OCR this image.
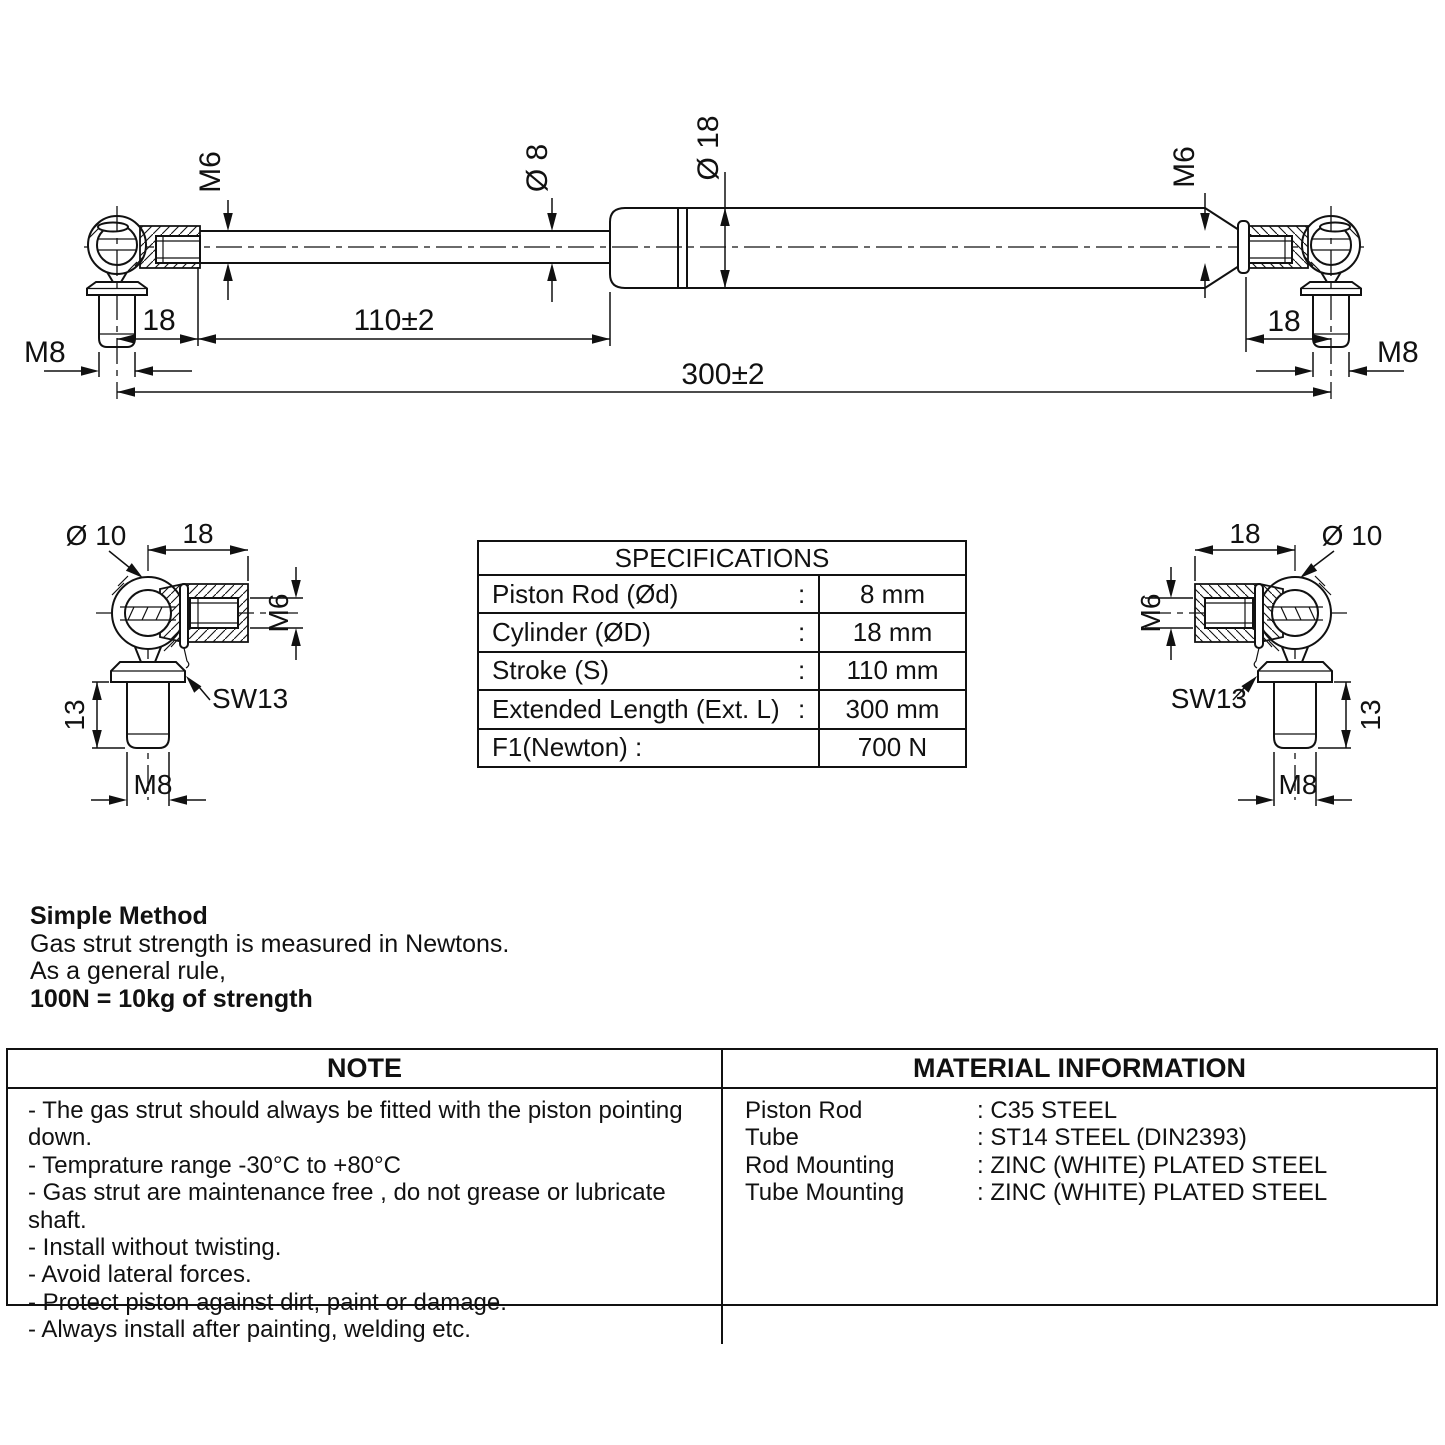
M6	Ø 8	Ø 18	M6
18	110±2	18
M8	M8
300±2
Ø 10 18
M6
SW13
13
M8
Ø 10
18
M6
SW13
13
M8
SPECIFICATIONS
Piston Rod (Ød)	:	8 mm
Cylinder (ØD)	:	18 mm
Stroke (S)	:	110 mm
Extended Length (Ext. L) :	300 mm
F1(Newton) :	700 N
Simple Method
Gas strut strength is measured in Newtons.
As a general rule,
100N = 10kg of strength
NOTE	MATERIAL INFORMATION
- The gas strut should always be fitted with the piston pointing down.
- Temprature range -30°C to +80°C
- Gas strut are maintenance free , do not grease or lubricate shaft.
- Install without twisting.
- Avoid lateral forces.
- Protect piston against dirt, paint or damage.
- Always install after painting, welding etc.
Piston Rod	: C35 STEEL
Tube	: ST14 STEEL (DIN2393)
Rod Mounting	: ZINC (WHITE) PLATED STEEL
Tube Mounting	: ZINC (WHITE) PLATED STEEL
